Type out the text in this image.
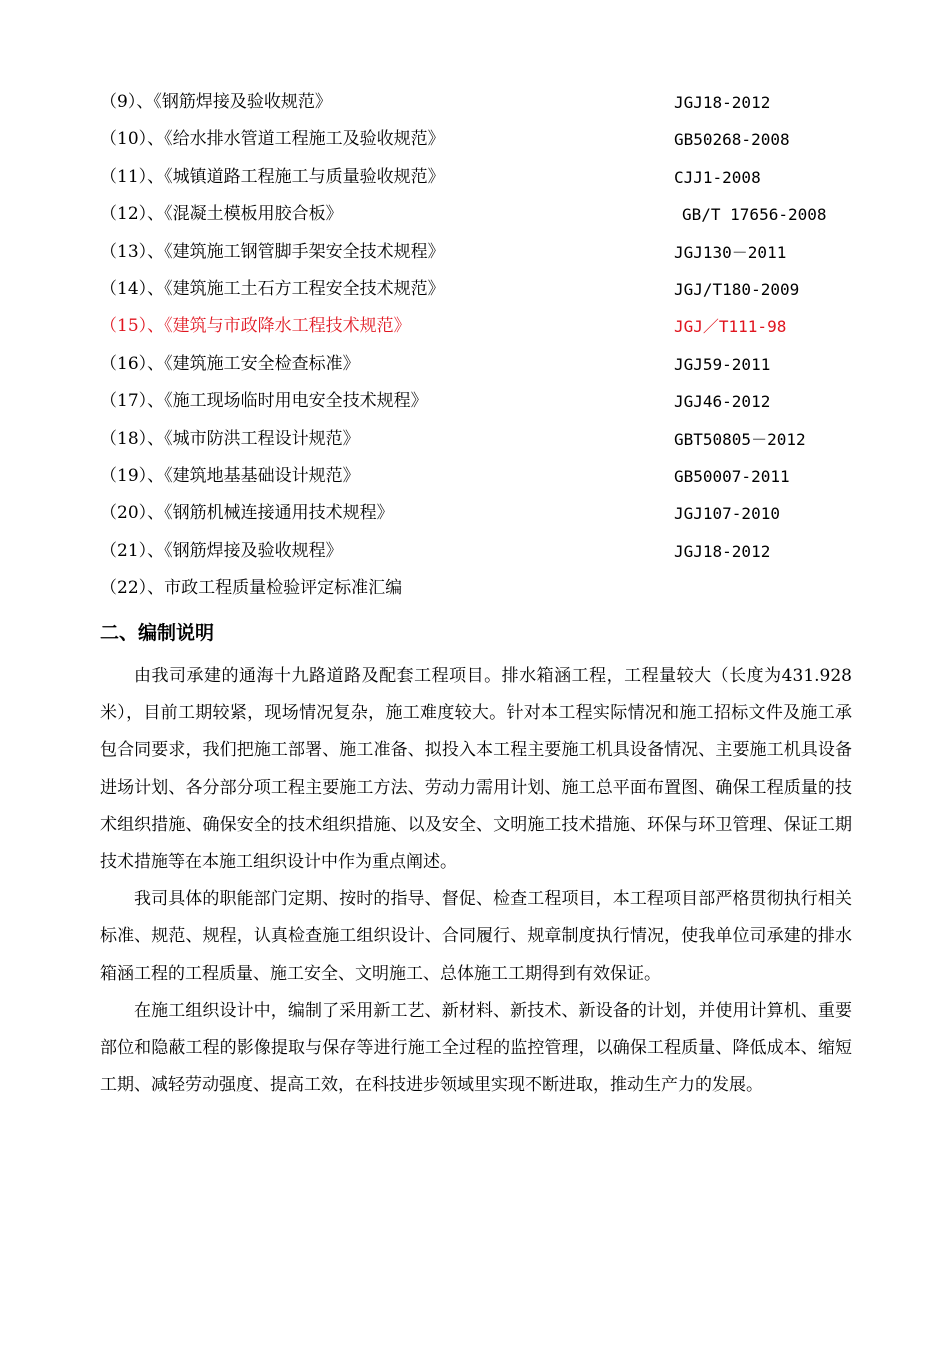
（9）、《钢筋焊接及验收规范》	JGJ18-2012
（10）、《给水排水管道工程施工及验收规范》	GB50268-2008
（11）、《城镇道路工程施工与质量验收规范》	CJJ1-2008
（12）、《混凝土模板用胶合板》	GB/T 17656-2008
（13）、《建筑施工钢管脚手架安全技术规程》	JGJ130－2011
（14）、《建筑施工土石方工程安全技术规范》	JGJ/T180-2009
（15）、《建筑与市政降水工程技术规范》	JGJ／T111-98
（16）、《建筑施工安全检查标准》	JGJ59-2011
（17）、《施工现场临时用电安全技术规程》	JGJ46-2012
（18）、《城市防洪工程设计规范》	GBT50805－2012
（19）、《建筑地基基础设计规范》	GB50007-2011
（20）、《钢筋机械连接通用技术规程》	JGJ107-2010
（21）、《钢筋焊接及验收规程》	JGJ18-2012
（22）、市政工程质量检验评定标准汇编
二、编制说明

由我司承建的通海十九路道路及配套工程项目。排水箱涵工程，工程量较大（长度为431.928 米），目前工期较紧，现场情况复杂，施工难度较大。针对本工程实际情况和施工招标文件及施工承包合同要求，我们把施工部署、施工准备、拟投入本工程主要施工机具设备情况、主要施工机具设备进场计划、各分部分项工程主要施工方法、劳动力需用计划、施工总平面布置图、确保工程质量的技术组织措施、确保安全的技术组织措施、以及安全、文明施工技术措施、环保与环卫管理、保证工期技术措施等在本施工组织设计中作为重点阐述。

我司具体的职能部门定期、按时的指导、督促、检查工程项目，本工程项目部严格贯彻执行相关标准、规范、规程，认真检查施工组织设计、合同履行、规章制度执行情况，使我单位司承建的排水箱涵工程的工程质量、施工安全、文明施工、总体施工工期得到有效保证。

在施工组织设计中，编制了采用新工艺、新材料、新技术、新设备的计划，并使用计算机、重要部位和隐蔽工程的影像提取与保存等进行施工全过程的监控管理，以确保工程质量、降低成本、缩短工期、减轻劳动强度、提高工效，在科技进步领域里实现不断进取，推动生产力的发展。
